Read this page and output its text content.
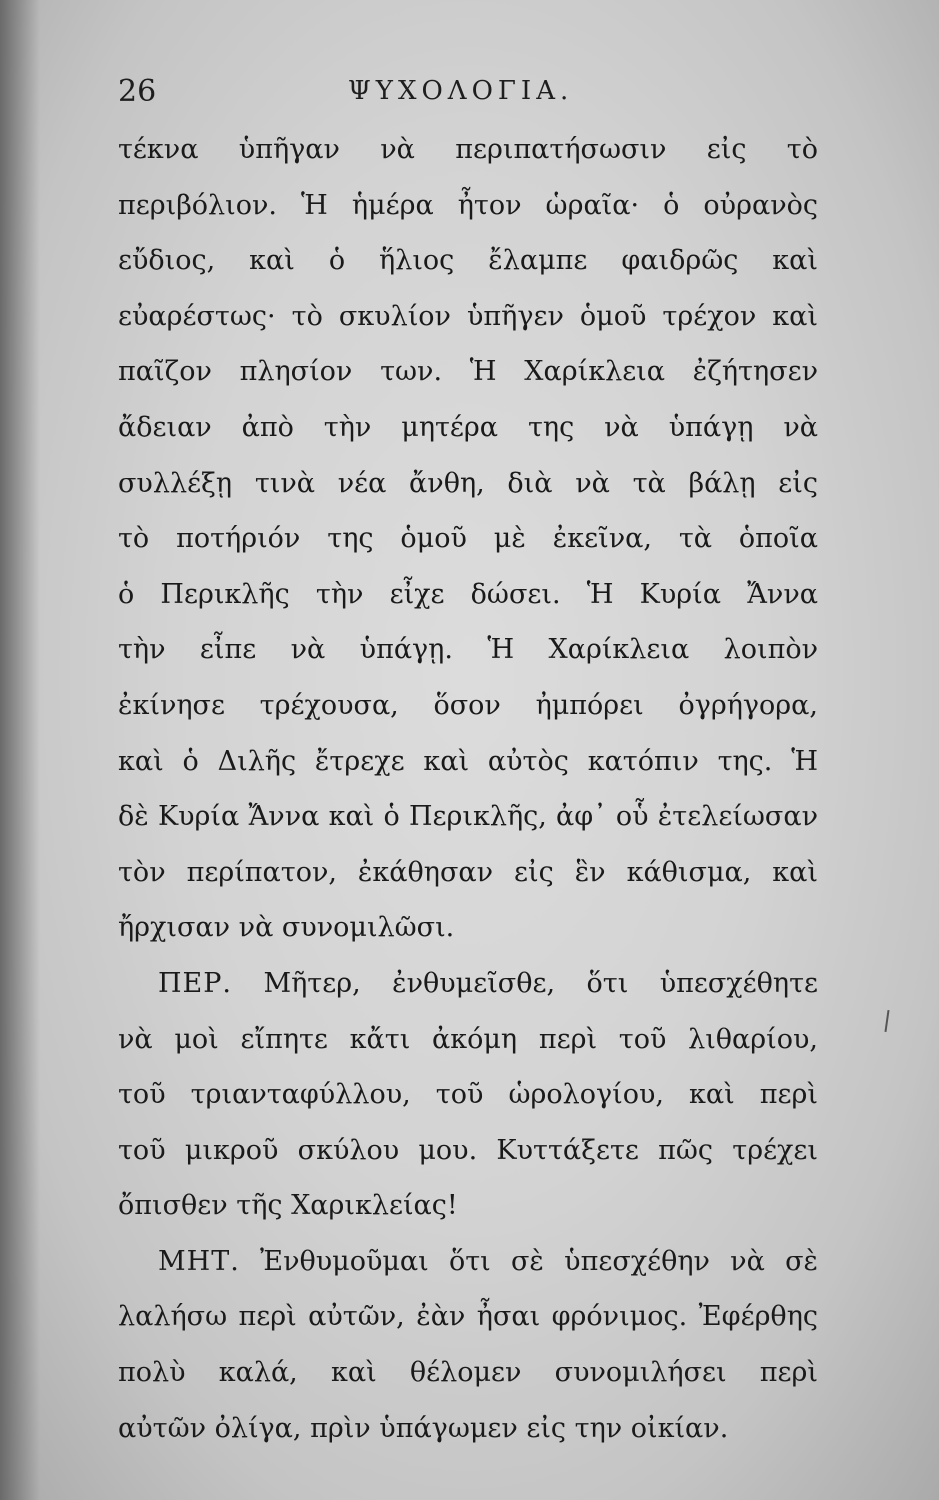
26	ΨΥΧΟΛΟΓΙΑ.
τέκνα ὑπῆγαν νὰ περιπατήσωσιν εἰς τὸ
περιβόλιον. Ἡ ἡμέρα ἦτον ὡραῖα· ὁ οὐρανὸς
εὔδιος, καὶ ὁ ἥλιος ἔλαμπε φαιδρῶς καὶ
εὐαρέστως· τὸ σκυλίον ὑπῆγεν ὁμοῦ τρέχον καὶ
παῖζον πλησίον των. Ἡ Χαρίκλεια ἐζήτησεν
ἄδειαν ἀπὸ τὴν μητέρα της νὰ ὑπάγῃ νὰ
συλλέξῃ τινὰ νέα ἄνθη, διὰ νὰ τὰ βάλῃ εἰς
τὸ ποτήριόν της ὁμοῦ μὲ ἐκεῖνα, τὰ ὁποῖα
ὁ Περικλῆς τὴν εἶχε δώσει. Ἡ Κυρία Ἄννα
τὴν εἶπε νὰ ὑπάγῃ. Ἡ Χαρίκλεια λοιπὸν
ἐκίνησε τρέχουσα, ὅσον ἠμπόρει ὀγρήγορα,
καὶ ὁ Διλῆς ἔτρεχε καὶ αὐτὸς κατόπιν της. Ἡ
δὲ Κυρία Ἄννα καὶ ὁ Περικλῆς, ἀφ᾽ οὗ ἐτελείωσαν
τὸν περίπατον, ἐκάθησαν εἰς ἓν κάθισμα, καὶ
ἤρχισαν νὰ συνομιλῶσι.
ΠΕΡ. Μῆτερ, ἐνθυμεῖσθε, ὅτι ὑπεσχέθητε
νὰ μοὶ εἴπητε κἄτι ἀκόμη περὶ τοῦ λιθαρίου,
τοῦ τριανταφύλλου, τοῦ ὡρολογίου, καὶ περὶ
τοῦ μικροῦ σκύλου μου. Κυττάξετε πῶς τρέχει
ὄπισθεν τῆς Χαρικλείας!
ΜΗΤ. Ἐνθυμοῦμαι ὅτι σὲ ὑπεσχέθην νὰ σὲ
λαλήσω περὶ αὐτῶν, ἐὰν ἦσαι φρόνιμος. Ἐφέρθης
πολὺ καλά, καὶ θέλομεν συνομιλήσει περὶ
αὐτῶν ὀλίγα, πρὶν ὑπάγωμεν εἰς την οἰκίαν.
